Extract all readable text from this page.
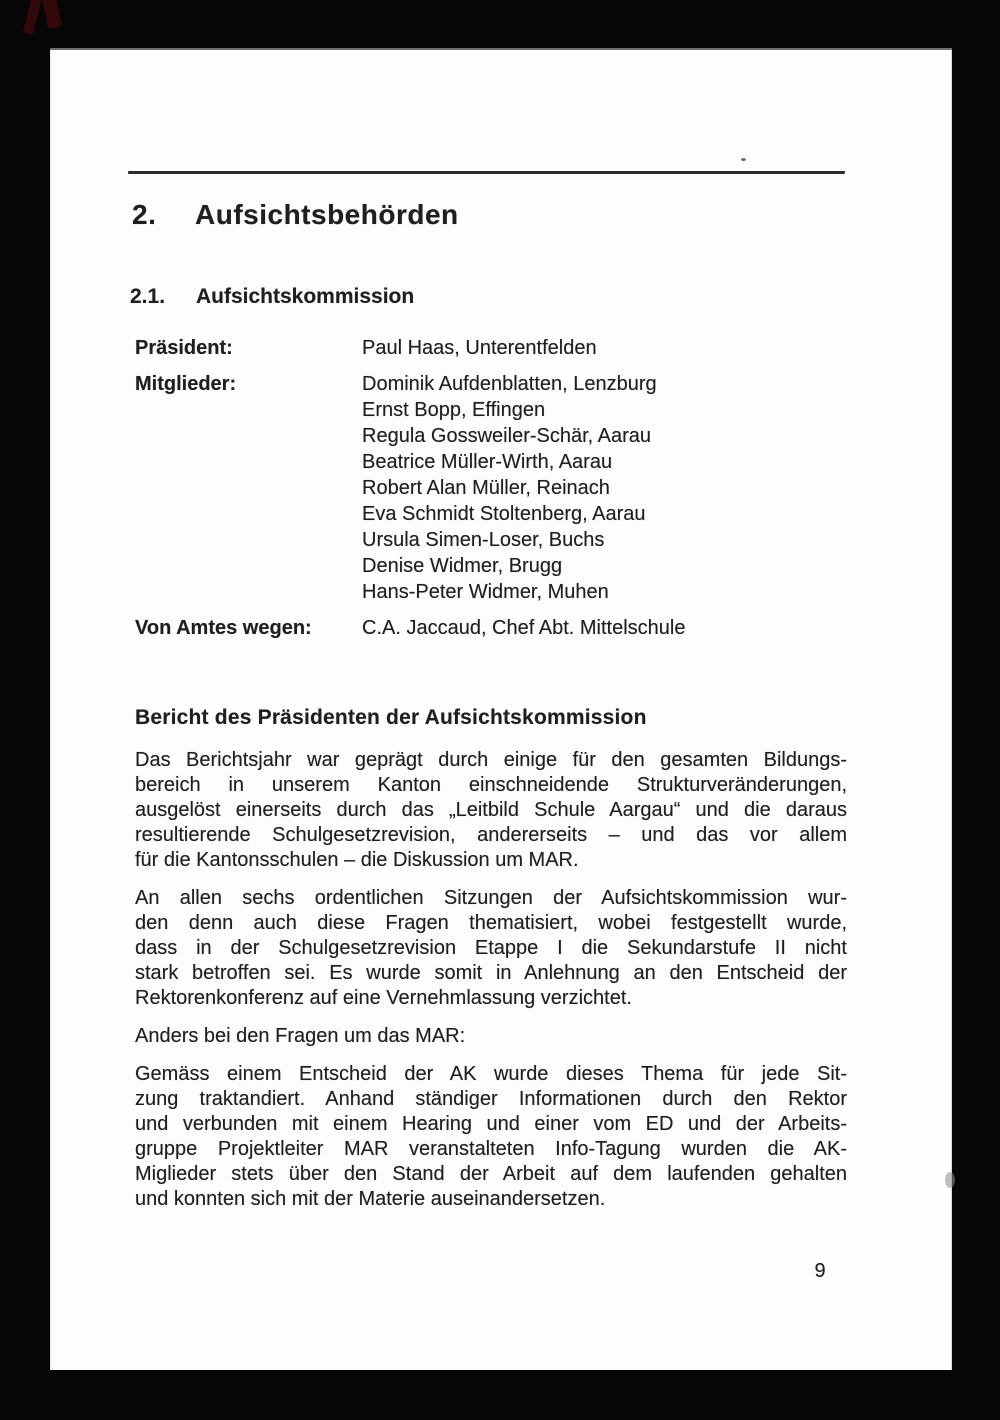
2.	Aufsichtsbehörden
2.1.	Aufsichtskommission
Präsident:	Paul Haas, Unterentfelden
Mitglieder:	Dominik Aufdenblatten, Lenzburg
Ernst Bopp, Effingen
Regula Gossweiler-Schär, Aarau
Beatrice Müller-Wirth, Aarau
Robert Alan Müller, Reinach
Eva Schmidt Stoltenberg, Aarau
Ursula Simen-Loser, Buchs
Denise Widmer, Brugg
Hans-Peter Widmer, Muhen
Von Amtes wegen:	C.A. Jaccaud, Chef Abt. Mittelschule
Bericht des Präsidenten der Aufsichtskommission
Das Berichtsjahr war geprägt durch einige für den gesamten Bildungs-
bereich in unserem Kanton einschneidende Strukturveränderungen,
ausgelöst einerseits durch das „Leitbild Schule Aargau“ und die daraus
resultierende Schulgesetzrevision, andererseits – und das vor allem
für die Kantonsschulen – die Diskussion um MAR.
An allen sechs ordentlichen Sitzungen der Aufsichtskommission wur-
den denn auch diese Fragen thematisiert, wobei festgestellt wurde,
dass in der Schulgesetzrevision Etappe I die Sekundarstufe II nicht
stark betroffen sei. Es wurde somit in Anlehnung an den Entscheid der
Rektorenkonferenz auf eine Vernehmlassung verzichtet.
Anders bei den Fragen um das MAR:
Gemäss einem Entscheid der AK wurde dieses Thema für jede Sit-
zung traktandiert. Anhand ständiger Informationen durch den Rektor
und verbunden mit einem Hearing und einer vom ED und der Arbeits-
gruppe Projektleiter MAR veranstalteten Info-Tagung wurden die AK-
Miglieder stets über den Stand der Arbeit auf dem laufenden gehalten
und konnten sich mit der Materie auseinandersetzen.
9
